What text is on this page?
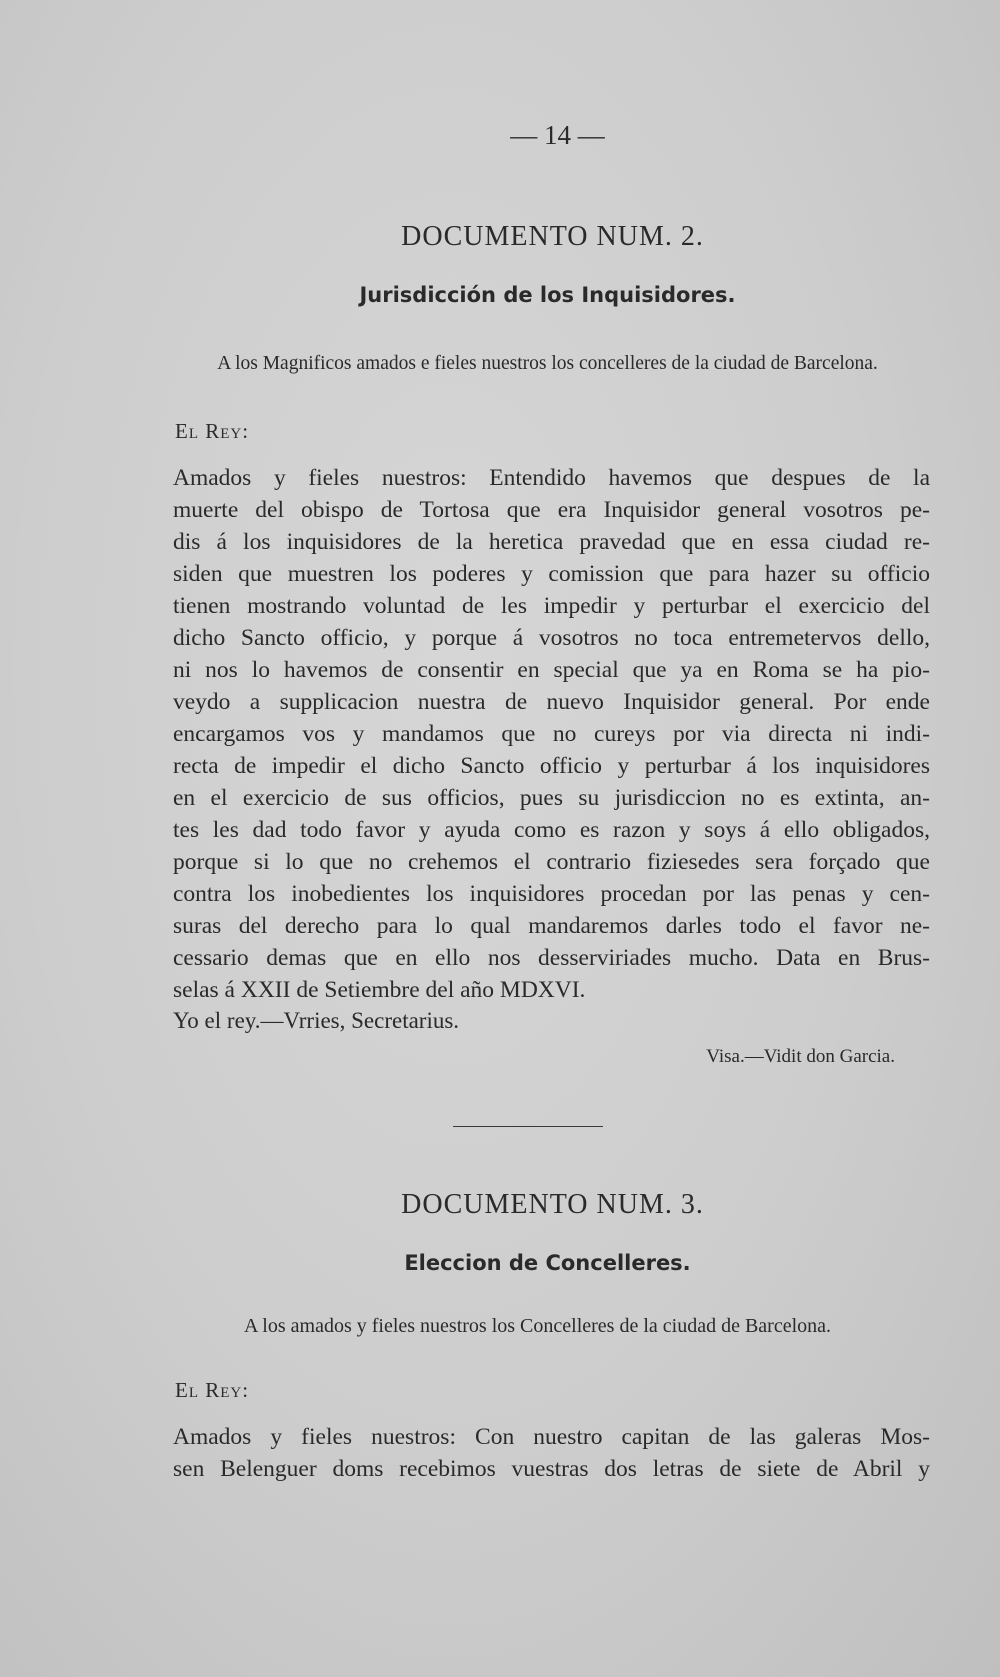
— 14 —
DOCUMENTO NUM. 2.
Jurisdicción de los Inquisidores.
A los Magnificos amados e fieles nuestros los concelleres de la ciudad de Barcelona.
El Rey:
Amados y fieles nuestros: Entendido havemos que despues de la
muerte del obispo de Tortosa que era Inquisidor general vosotros pe-
dis á los inquisidores de la heretica pravedad que en essa ciudad re-
siden que muestren los poderes y comission que para hazer su officio
tienen mostrando voluntad de les impedir y perturbar el exercicio del
dicho Sancto officio, y porque á vosotros no toca entremetervos dello,
ni nos lo havemos de consentir en special que ya en Roma se ha pio-
veydo a supplicacion nuestra de nuevo Inquisidor general. Por ende
encargamos vos y mandamos que no cureys por via directa ni indi-
recta de impedir el dicho Sancto officio y perturbar á los inquisidores
en el exercicio de sus officios, pues su jurisdiccion no es extinta, an-
tes les dad todo favor y ayuda como es razon y soys á ello obligados,
porque si lo que no crehemos el contrario fiziesedes sera forçado que
contra los inobedientes los inquisidores procedan por las penas y cen-
suras del derecho para lo qual mandaremos darles todo el favor ne-
cessario demas que en ello nos desserviriades mucho. Data en Brus-
selas á XXII de Setiembre del año MDXVI.
Yo el rey.—Vrries, Secretarius.
Visa.—Vidit don Garcia.
DOCUMENTO NUM. 3.
Eleccion de Concelleres.
A los amados y fieles nuestros los Concelleres de la ciudad de Barcelona.
El Rey:
Amados y fieles nuestros: Con nuestro capitan de las galeras Mos-
sen Belenguer doms recebimos vuestras dos letras de siete de Abril y
